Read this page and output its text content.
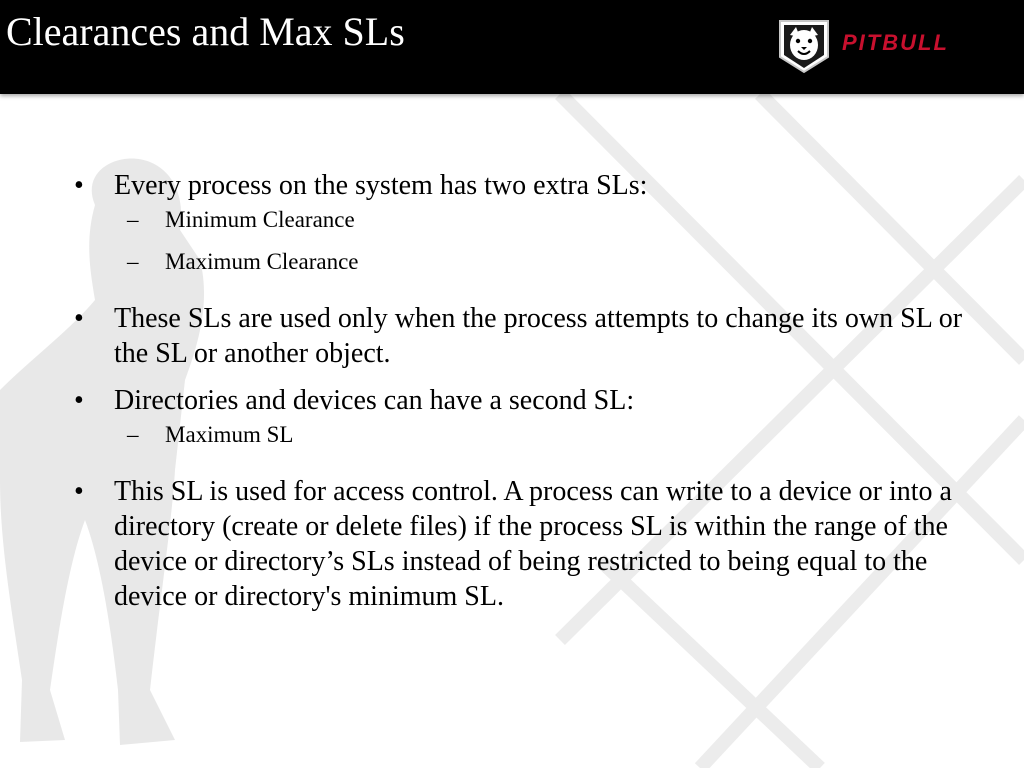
Clearances and Max SLs	PITBULL
• Every process on the system has two extra SLs:
– Minimum Clearance
– Maximum Clearance
• These SLs are used only when the process attempts to change its own SL or the SL or another object.
• Directories and devices can have a second SL:
– Maximum SL
• This SL is used for access control. A process can write to a device or into a directory (create or delete files) if the process SL is within the range of the device or directory’s SLs instead of being restricted to being equal to the device or directory's minimum SL.
